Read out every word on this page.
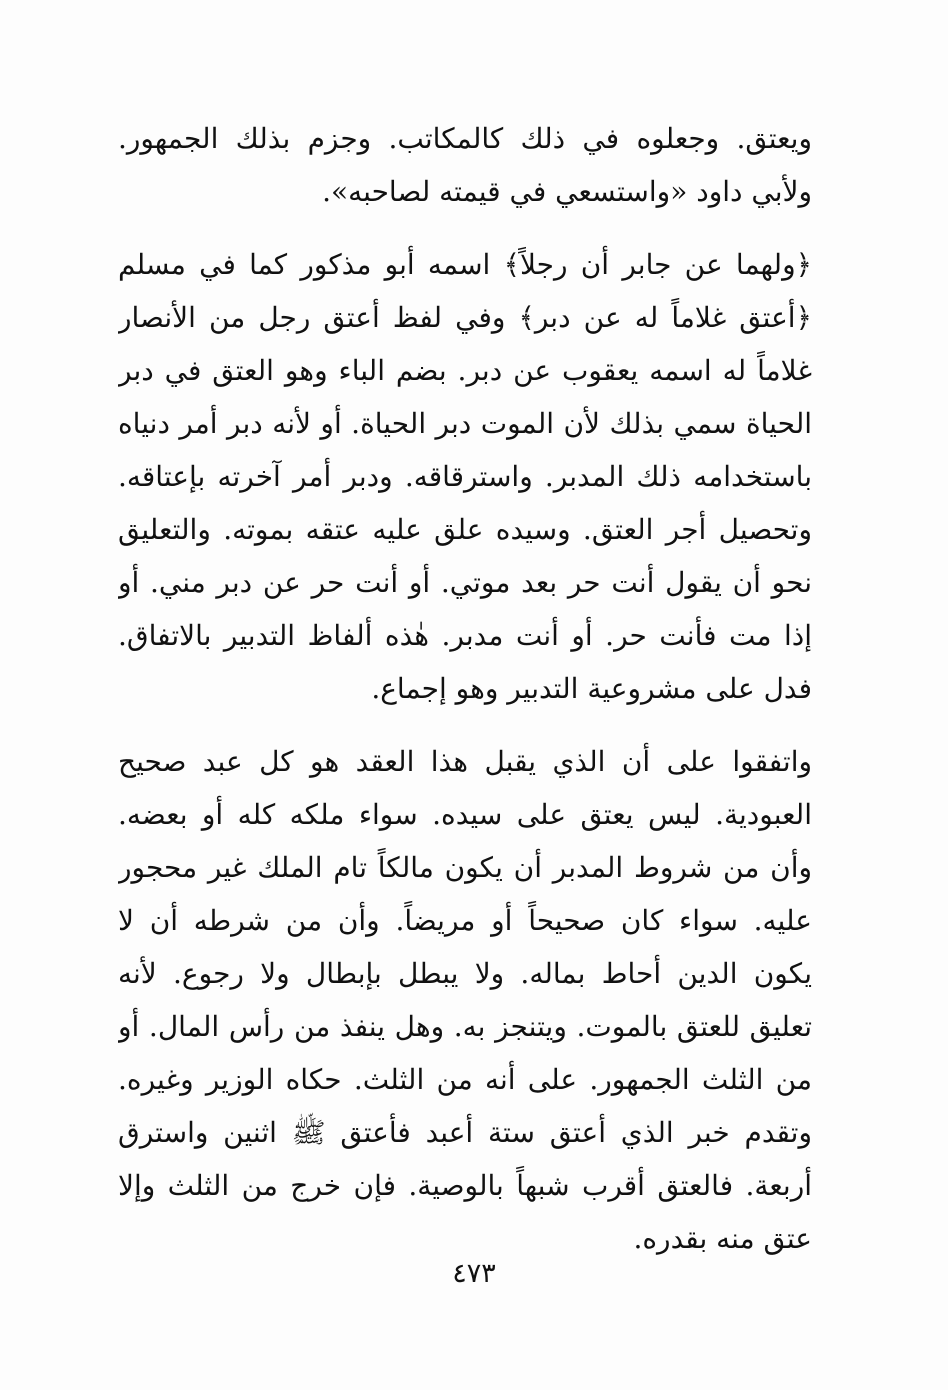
ويعتق. وجعلوه في ذلك كالمكاتب. وجزم بذلك الجمهور.
ولأبي داود «واستسعي في قيمته لصاحبه».
﴿ولهما عن جابر أن رجلاً﴾ اسمه أبو مذكور كما في مسلم
﴿أعتق غلاماً له عن دبر﴾ وفي لفظ أعتق رجل من الأنصار
غلاماً له اسمه يعقوب عن دبر. بضم الباء وهو العتق في دبر
الحياة سمي بذلك لأن الموت دبر الحياة. أو لأنه دبر أمر دنياه
باستخدامه ذلك المدبر. واسترقاقه. ودبر أمر آخرته بإعتاقه.
وتحصيل أجر العتق. وسيده علق عليه عتقه بموته. والتعليق
نحو أن يقول أنت حر بعد موتي. أو أنت حر عن دبر مني. أو
إذا مت فأنت حر. أو أنت مدبر. هٰذه ألفاظ التدبير بالاتفاق.
فدل على مشروعية التدبير وهو إجماع.
واتفقوا على أن الذي يقبل هذا العقد هو كل عبد صحيح
العبودية. ليس يعتق على سيده. سواء ملكه كله أو بعضه.
وأن من شروط المدبر أن يكون مالكاً تام الملك غير محجور
عليه. سواء كان صحيحاً أو مريضاً. وأن من شرطه أن لا
يكون الدين أحاط بماله. ولا يبطل بإبطال ولا رجوع. لأنه
تعليق للعتق بالموت. ويتنجز به. وهل ينفذ من رأس المال. أو
من الثلث الجمهور. على أنه من الثلث. حكاه الوزير وغيره.
وتقدم خبر الذي أعتق ستة أعبد فأعتق ﷺ اثنين واسترق
أربعة. فالعتق أقرب شبهاً بالوصية. فإن خرج من الثلث وإلا
عتق منه بقدره.
٤٧٣
